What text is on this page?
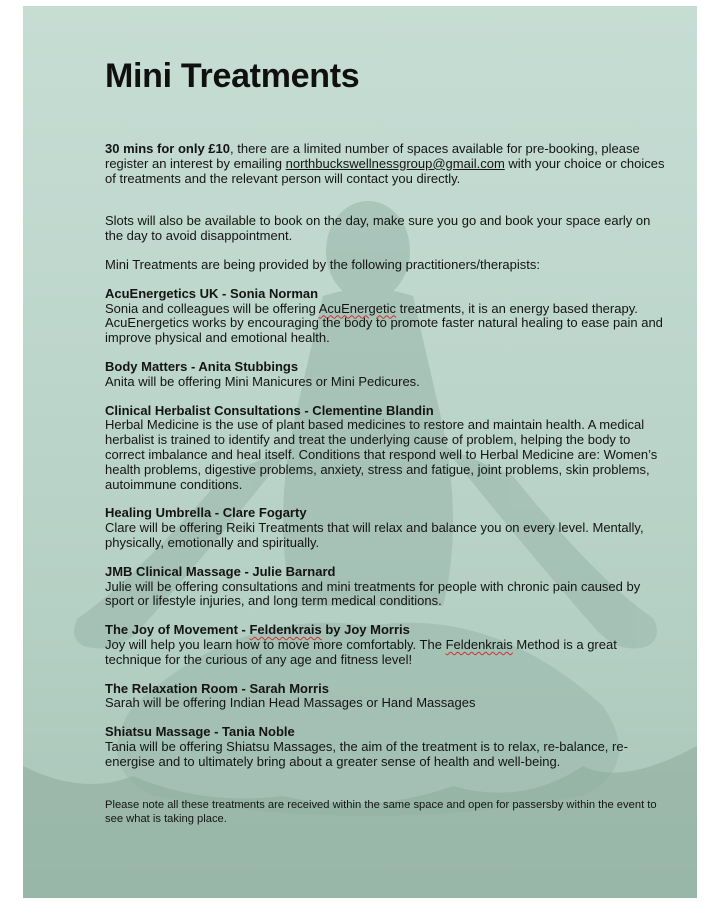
Mini Treatments

30 mins for only £10, there are a limited number of spaces available for pre-booking, please register an interest by emailing northbuckswellnessgroup@gmail.com with your choice or choices of treatments and the relevant person will contact you directly.

Slots will also be available to book on the day, make sure you go and book your space early on the day to avoid disappointment.

Mini Treatments are being provided by the following practitioners/therapists:

AcuEnergetics UK - Sonia Norman

Sonia and colleagues will be offering AcuEnergetic treatments, it is an energy based therapy. AcuEnergetics works by encouraging the body to promote faster natural healing to ease pain and improve physical and emotional health.

Body Matters - Anita Stubbings

Anita will be offering Mini Manicures or Mini Pedicures.

Clinical Herbalist Consultations - Clementine Blandin

Herbal Medicine is the use of plant based medicines to restore and maintain health. A medical herbalist is trained to identify and treat the underlying cause of problem, helping the body to correct imbalance and heal itself. Conditions that respond well to Herbal Medicine are: Women’s health problems, digestive problems, anxiety, stress and fatigue, joint problems, skin problems, autoimmune conditions.

Healing Umbrella - Clare Fogarty

Clare will be offering Reiki Treatments that will relax and balance you on every level. Mentally, physically, emotionally and spiritually.

JMB Clinical Massage - Julie Barnard

Julie will be offering consultations and mini treatments for people with chronic pain caused by sport or lifestyle injuries, and long term medical conditions.

The Joy of Movement - Feldenkrais by Joy Morris

Joy will help you learn how to move more comfortably. The Feldenkrais Method is a great technique for the curious of any age and fitness level!

The Relaxation Room - Sarah Morris

Sarah will be offering Indian Head Massages or Hand Massages

Shiatsu Massage - Tania Noble

Tania will be offering Shiatsu Massages, the aim of the treatment is to relax, re-balance, re-energise and to ultimately bring about a greater sense of health and well-being.

Please note all these treatments are received within the same space and open for passersby within the event to see what is taking place.
